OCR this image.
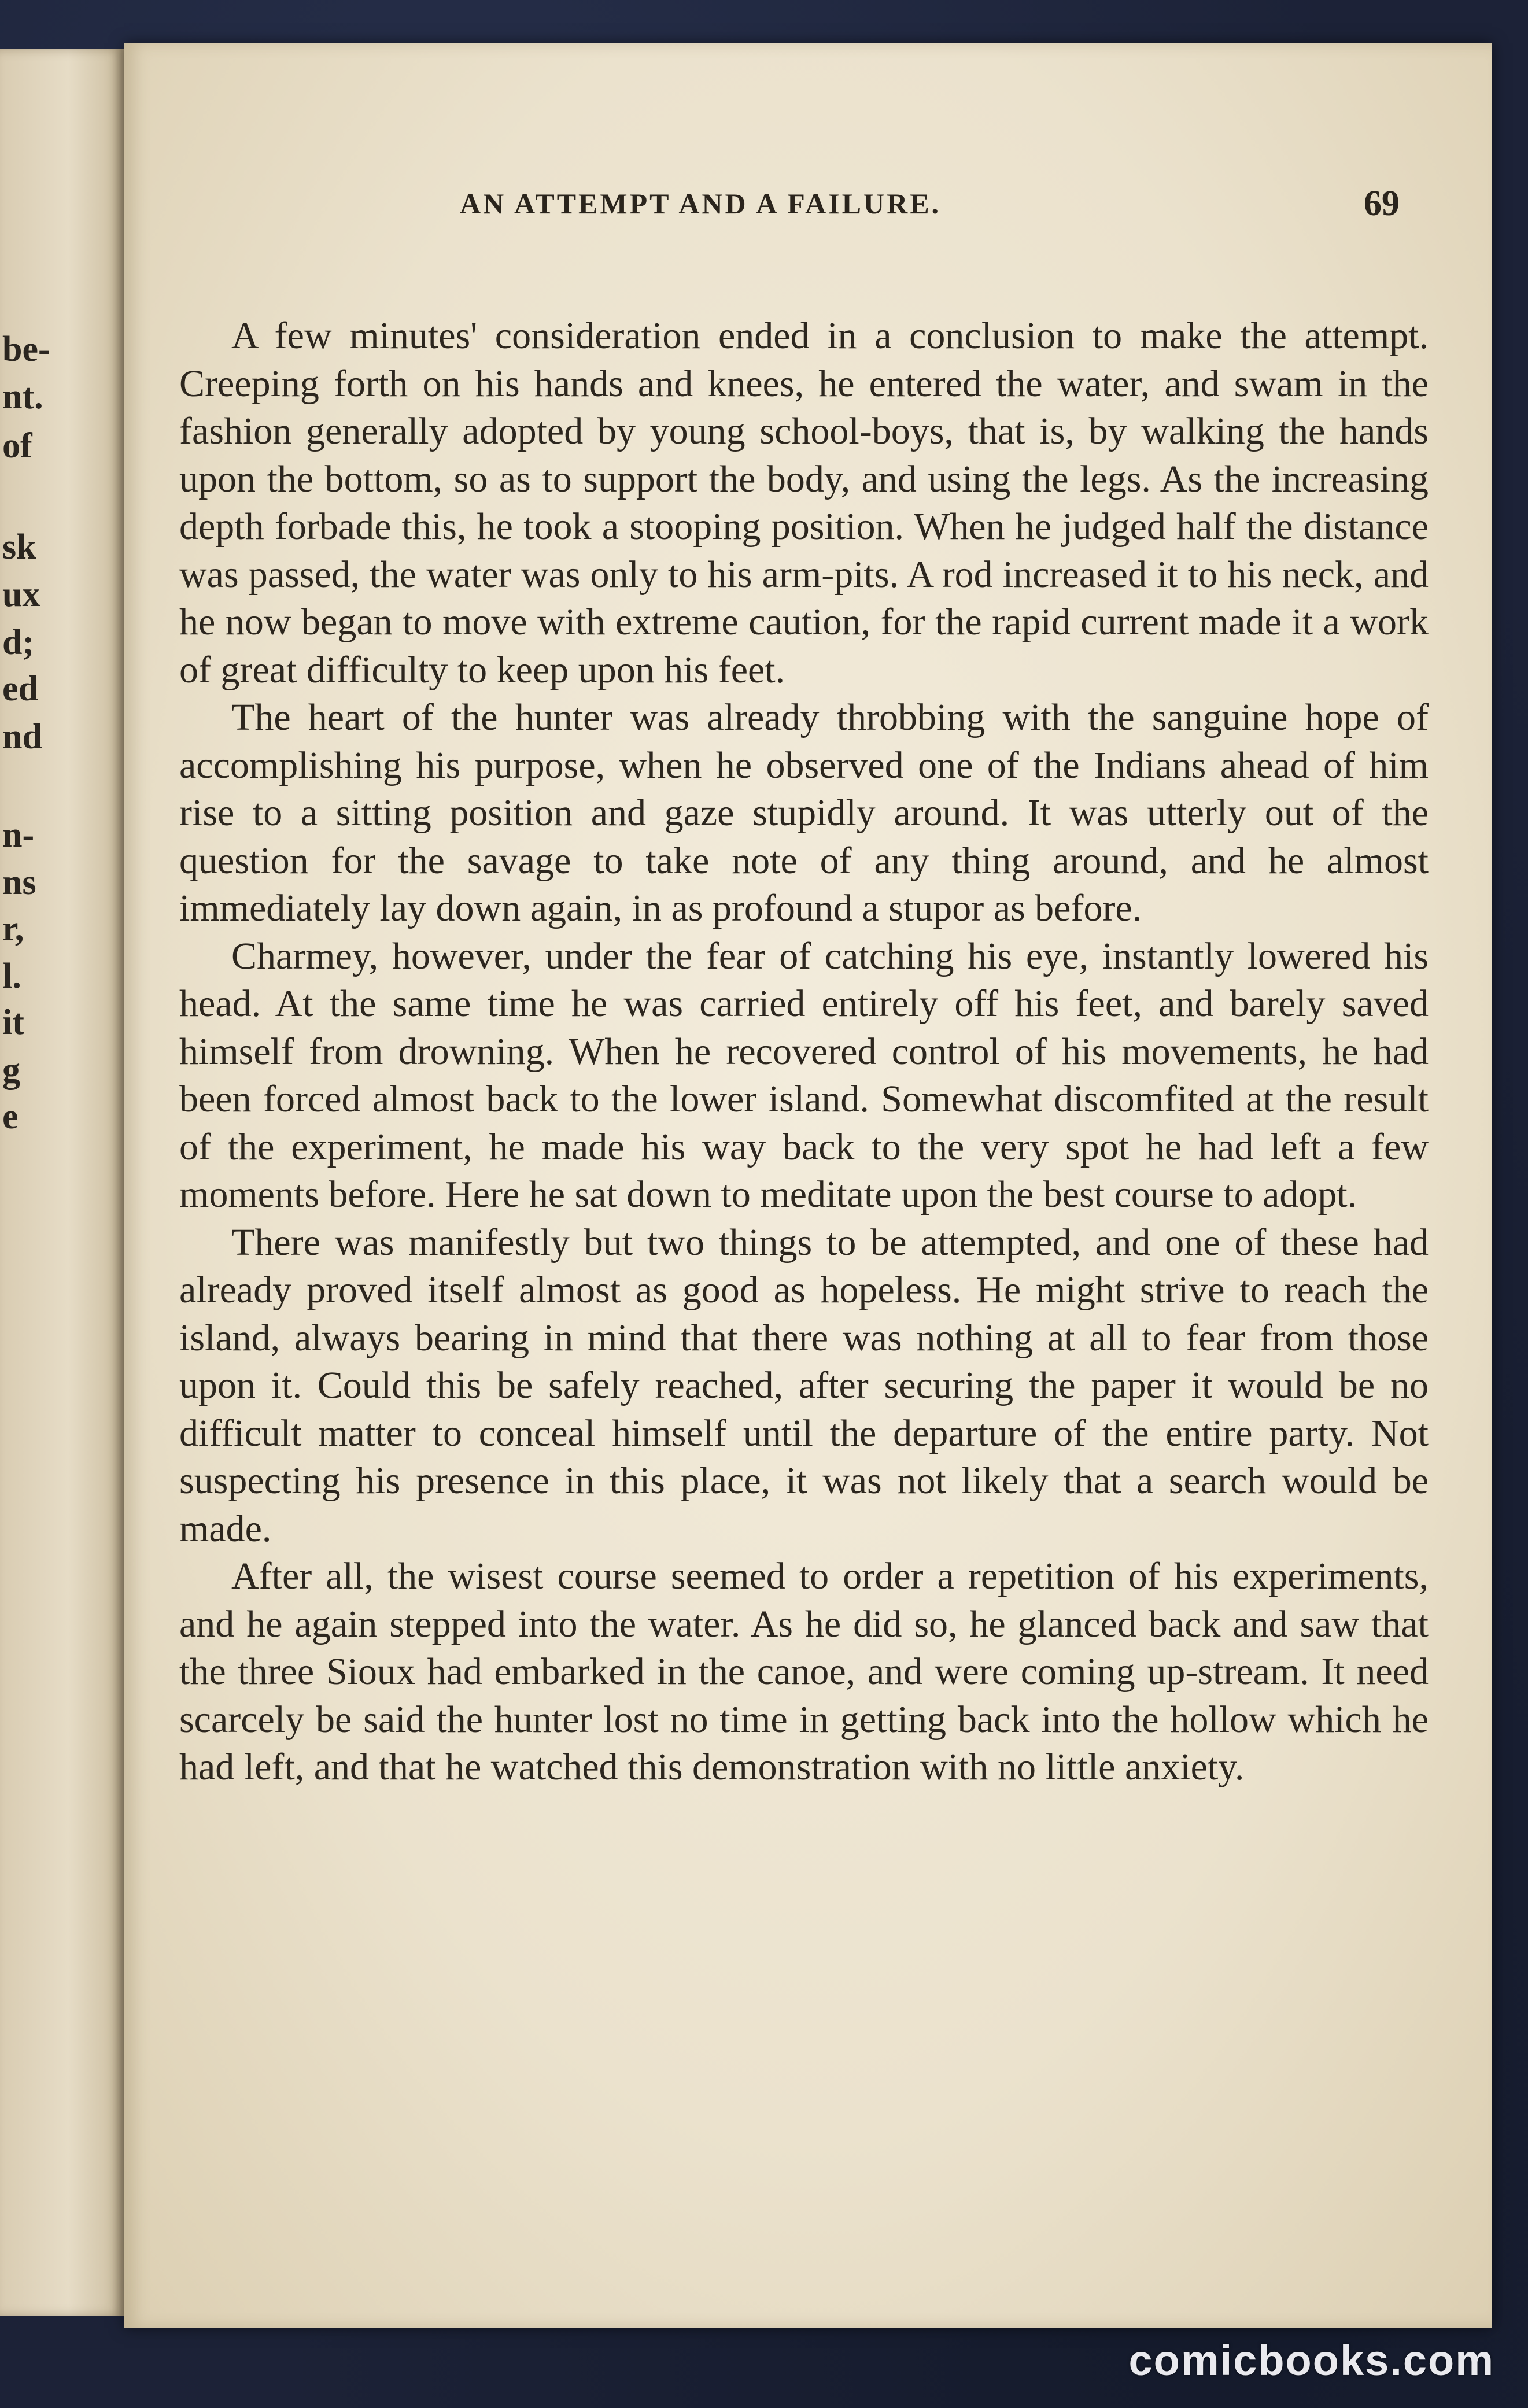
be-
nt.
of
sk
ux
d;
ed
nd
n-
ns
r,
l.
it
g
e
AN ATTEMPT AND A FAILURE.	69

A few minutes' consideration ended in a conclusion to make the attempt. Creeping forth on his hands and knees, he entered the water, and swam in the fashion generally adopted by young school-boys, that is, by walking the hands upon the bottom, so as to support the body, and using the legs. As the increasing depth forbade this, he took a stooping position. When he judged half the distance was passed, the water was only to his arm-pits. A rod increased it to his neck, and he now began to move with extreme caution, for the rapid current made it a work of great difficulty to keep upon his feet.

The heart of the hunter was already throbbing with the sanguine hope of accomplishing his purpose, when he observed one of the Indians ahead of him rise to a sitting position and gaze stupidly around. It was utterly out of the question for the savage to take note of any thing around, and he almost immediately lay down again, in as profound a stupor as before.

Charmey, however, under the fear of catching his eye, instantly lowered his head. At the same time he was carried entirely off his feet, and barely saved himself from drowning. When he recovered control of his movements, he had been forced almost back to the lower island. Somewhat discomfited at the result of the experiment, he made his way back to the very spot he had left a few moments before. Here he sat down to meditate upon the best course to adopt.

There was manifestly but two things to be attempted, and one of these had already proved itself almost as good as hopeless. He might strive to reach the island, always bearing in mind that there was nothing at all to fear from those upon it. Could this be safely reached, after securing the paper it would be no difficult matter to conceal himself until the departure of the entire party. Not suspecting his presence in this place, it was not likely that a search would be made.

After all, the wisest course seemed to order a repetition of his experiments, and he again stepped into the water. As he did so, he glanced back and saw that the three Sioux had embarked in the canoe, and were coming up-stream. It need scarcely be said the hunter lost no time in getting back into the hollow which he had left, and that he watched this demonstration with no little anxiety.

comicbooks.com
